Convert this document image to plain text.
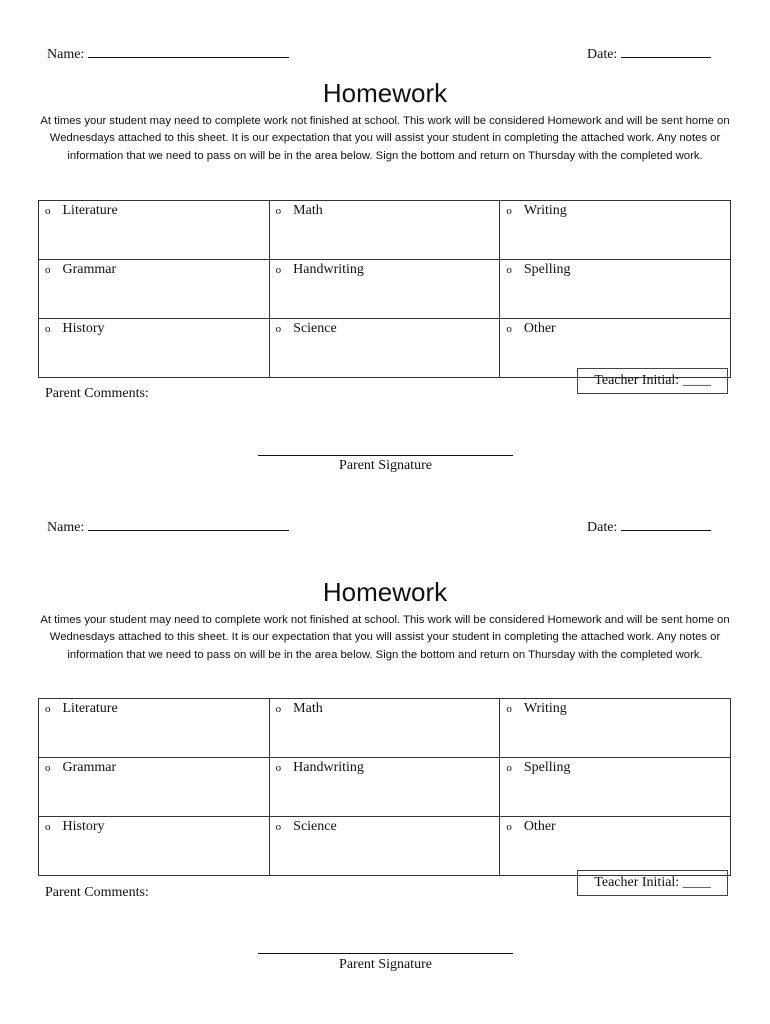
Name:	Date:
Homework
At times your student may need to complete work not finished at school. This work will be considered Homework and will be sent home on Wednesdays attached to this sheet. It is our expectation that you will assist your student in completing the attached work. Any notes or information that we need to pass on will be in the area below. Sign the bottom and return on Thursday with the completed work.
o Literature	o Math	o Writing
o Grammar	o Handwriting	o Spelling
o History	o Science	o Other
Teacher Initial: ____
Parent Comments:
Parent Signature
Name:	Date:
Homework
At times your student may need to complete work not finished at school. This work will be considered Homework and will be sent home on Wednesdays attached to this sheet. It is our expectation that you will assist your student in completing the attached work. Any notes or information that we need to pass on will be in the area below. Sign the bottom and return on Thursday with the completed work.
o Literature	o Math	o Writing
o Grammar	o Handwriting	o Spelling
o History	o Science	o Other
Teacher Initial: ____
Parent Comments:
Parent Signature
